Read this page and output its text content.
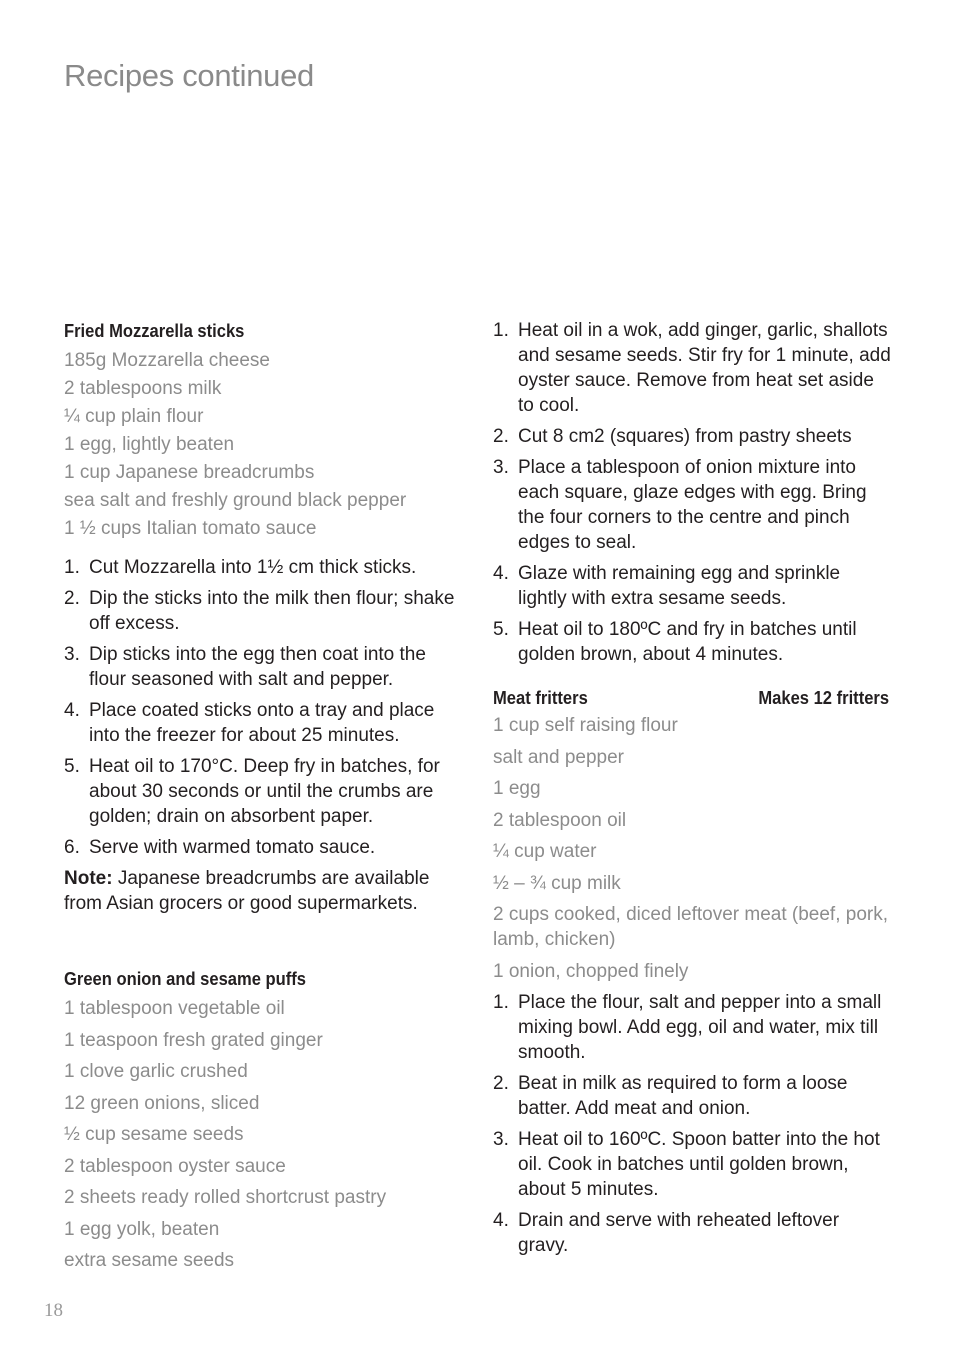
Recipes continued
Fried Mozzarella sticks
185g Mozzarella cheese
2 tablespoons milk
¼ cup plain flour
1 egg, lightly beaten
1 cup Japanese breadcrumbs
sea salt and freshly ground black pepper
1 ½ cups Italian tomato sauce
1. Cut Mozzarella into 1½ cm thick sticks.
2. Dip the sticks into the milk then flour; shake off excess.
3. Dip sticks into the egg then coat into the flour seasoned with salt and pepper.
4. Place coated sticks onto a tray and place into the freezer for about 25 minutes.
5. Heat oil to 170°C. Deep fry in batches, for about 30 seconds or until the crumbs are golden; drain on absorbent paper.
6. Serve with warmed tomato sauce.

Note: Japanese breadcrumbs are available from Asian grocers or good supermarkets.

Green onion and sesame puffs
1 tablespoon vegetable oil
1 teaspoon fresh grated ginger
1 clove garlic crushed
12 green onions, sliced
½ cup sesame seeds
2 tablespoon oyster sauce
2 sheets ready rolled shortcrust pastry
1 egg yolk, beaten
extra sesame seeds
1. Heat oil in a wok, add ginger, garlic, shallots and sesame seeds. Stir fry for 1 minute, add oyster sauce. Remove from heat set aside to cool.
2. Cut 8 cm2 (squares) from pastry sheets
3. Place a tablespoon of onion mixture into each square, glaze edges with egg. Bring the four corners to the centre and pinch edges to seal.
4. Glaze with remaining egg and sprinkle lightly with extra sesame seeds.
5. Heat oil to 180ºC and fry in batches until golden brown, about 4 minutes.
Meat fritters	Makes 12 fritters
1 cup self raising flour
salt and pepper
1 egg
2 tablespoon oil
¼ cup water
½ – ¾ cup milk
2 cups cooked, diced leftover meat (beef, pork, lamb, chicken)
1 onion, chopped finely
1. Place the flour, salt and pepper into a small mixing bowl. Add egg, oil and water, mix till smooth.
2. Beat in milk as required to form a loose batter. Add meat and onion.
3. Heat oil to 160ºC. Spoon batter into the hot oil. Cook in batches until golden brown, about 5 minutes.
4. Drain and serve with reheated leftover gravy.
18
